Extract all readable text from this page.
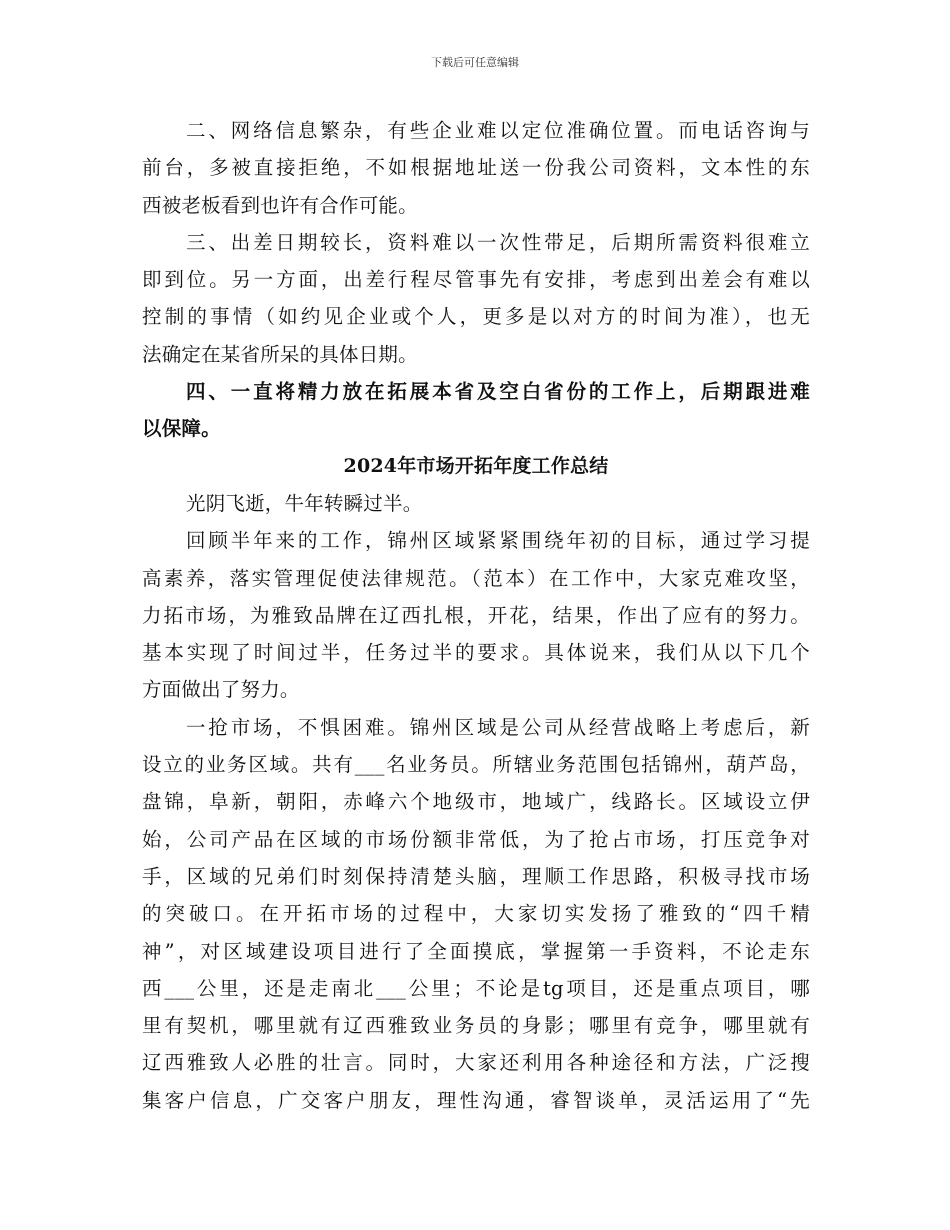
下载后可任意编辑
二、网络信息繁杂，有些企业难以定位准确位置。而电话咨询与
前台，多被直接拒绝，不如根据地址送一份我公司资料，文本性的东
西被老板看到也许有合作可能。
三、出差日期较长，资料难以一次性带足，后期所需资料很难立
即到位。另一方面，出差行程尽管事先有安排，考虑到出差会有难以
控制的事情（如约见企业或个人，更多是以对方的时间为准），也无
法确定在某省所呆的具体日期。
四、一直将精力放在拓展本省及空白省份的工作上，后期跟进难
以保障。
2024年市场开拓年度工作总结
光阴飞逝，牛年转瞬过半。
回顾半年来的工作，锦州区域紧紧围绕年初的目标，通过学习提
高素养，落实管理促使法律规范。（范本）在工作中，大家克难攻坚，
力拓市场，为雅致品牌在辽西扎根，开花，结果，作出了应有的努力。
基本实现了时间过半，任务过半的要求。具体说来，我们从以下几个
方面做出了努力。
一抢市场，不惧困难。锦州区域是公司从经营战略上考虑后，新
设立的业务区域。共有___名业务员。所辖业务范围包括锦州，葫芦岛，
盘锦，阜新，朝阳，赤峰六个地级市，地域广，线路长。区域设立伊
始，公司产品在区域的市场份额非常低，为了抢占市场，打压竞争对
手，区域的兄弟们时刻保持清楚头脑，理顺工作思路，积极寻找市场
的突破口。在开拓市场的过程中，大家切实发扬了雅致的“四千精
神”，对区域建设项目进行了全面摸底，掌握第一手资料，不论走东
西___公里，还是走南北___公里；不论是tg项目，还是重点项目，哪
里有契机，哪里就有辽西雅致业务员的身影；哪里有竞争，哪里就有
辽西雅致人必胜的壮言。同时，大家还利用各种途径和方法，广泛搜
集客户信息，广交客户朋友，理性沟通，睿智谈单，灵活运用了“先
